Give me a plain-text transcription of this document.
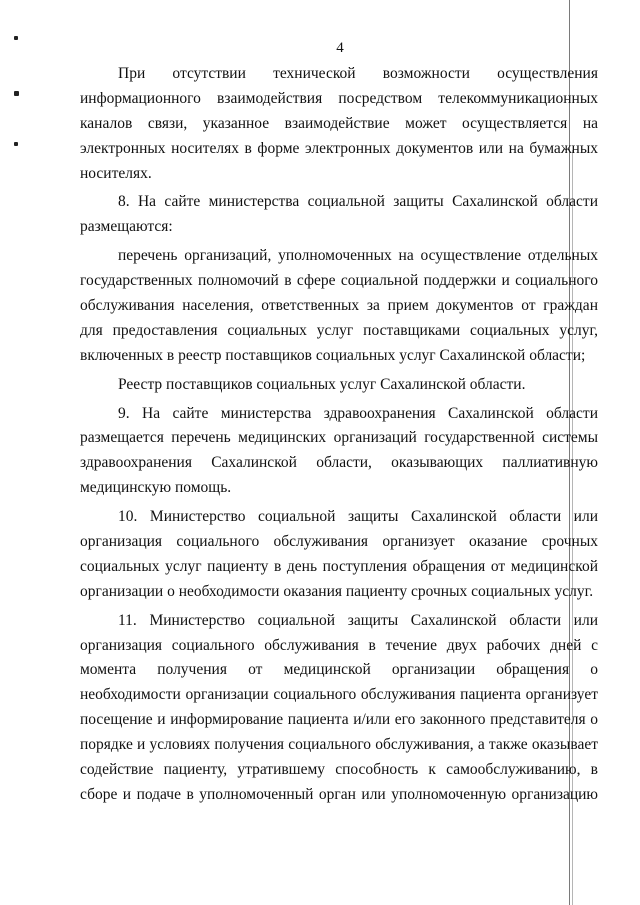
4
При отсутствии технической возможности осуществления
информационного взаимодействия посредством телекоммуникационных
каналов связи, указанное взаимодействие может осуществляется на
электронных носителях в форме электронных документов или на бумажных
носителях.
8. На сайте министерства социальной защиты Сахалинской области
размещаются:
перечень организаций, уполномоченных на осуществление отдельных
государственных полномочий в сфере социальной поддержки и социального
обслуживания населения, ответственных за прием документов от граждан
для предоставления социальных услуг поставщиками социальных услуг,
включенных в реестр поставщиков социальных услуг Сахалинской области;
Реестр поставщиков социальных услуг Сахалинской области.
9. На сайте министерства здравоохранения Сахалинской области
размещается перечень медицинских организаций государственной системы
здравоохранения Сахалинской области, оказывающих паллиативную
медицинскую помощь.
10. Министерство социальной защиты Сахалинской области или
организация социального обслуживания организует оказание срочных
социальных услуг пациенту в день поступления обращения от медицинской
организации о необходимости оказания пациенту срочных социальных услуг.
11. Министерство социальной защиты Сахалинской области или
организация социального обслуживания в течение двух рабочих дней с
момента получения от медицинской организации обращения о
необходимости организации социального обслуживания пациента организует
посещение и информирование пациента и/или его законного представителя о
порядке и условиях получения социального обслуживания, а также оказывает
содействие пациенту, утратившему способность к самообслуживанию, в
сборе и подаче в уполномоченный орган или уполномоченную организацию
